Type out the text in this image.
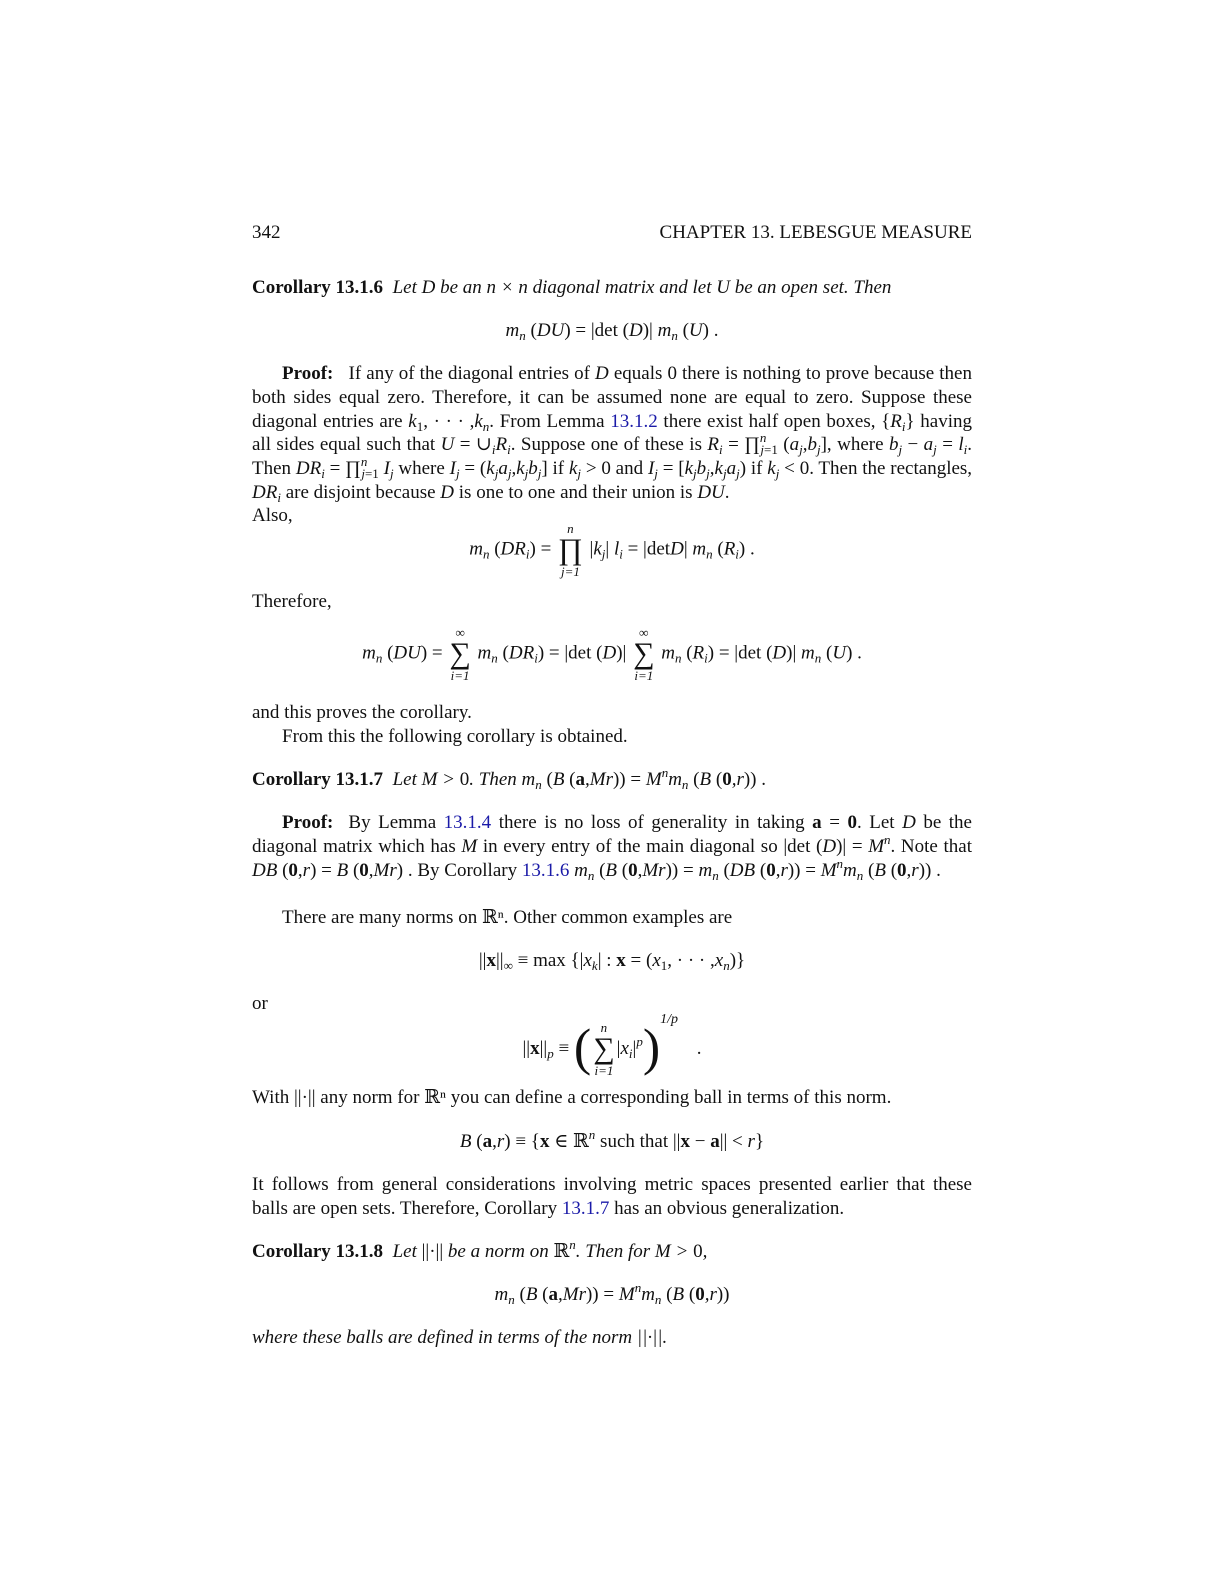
342	CHAPTER 13. LEBESGUE MEASURE
Corollary 13.1.6 Let D be an n × n diagonal matrix and let U be an open set. Then
$m_n$ (DU) = |det (D)| $m_n$ (U) .
Proof:   If any of the diagonal entries of D equals 0 there is nothing to prove because then both sides equal zero. Therefore, it can be assumed none are equal to zero. Suppose these diagonal entries are $k_1$, · · · $,k_n$. From Lemma 13.1.2 there exist half open boxes, $\{R_i\}$ having all sides equal such that $U = \cup_iR_i$. Suppose one of these is $R_i$ = ∏$^n_{j=1}$ $(a_j,b_j]$, where $b_j - a_j = l_i$. Then $DR_i$ = ∏$^n_{j=1}$ $I_j$ where $I_j = (k_ja_j,k_jb_j]$ if $k_j > 0$ and $I_j = [k_jb_j,k_ja_j)$ if $k_j < 0$. Then the rectangles, $DR_i$ are disjoint because D is one to one and their union is DU.
Also,
$m_n$ $(DR_i)$ =
n
∏
j=1
$|k_j|$ $l_i = |\det D|$ $m_n$ $(R_i)$ .
Therefore,
$m_n$ (DU) =
∞
∑
i=1
$m_n$ $(DR_i) = |\det$ (D)|
∞
∑
i=1
$m_n$ $(R_i) = |\det$ (D)| $m_n$ (U) .
and this proves the corollary.
From this the following corollary is obtained.
Corollary 13.1.7 Let M > 0. Then $m_n$ (B $(a,Mr)) = M^nm_n$ (B (0,r)) .
Proof:  By Lemma 13.1.4 there is no loss of generality in taking a = 0. Let D be the diagonal matrix which has M in every entry of the main diagonal so |det $(D)| = M^n$. Note that DB (0,r) = B (0,Mr) . By Corollary 13.1.6 $m_n$ (B $(0,Mr)) = m_n$ (DB $(0,r)) = M^nm_n$ (B (0,r)) .
There are many norms on ℝⁿ. Other common examples are
$||x||_\infty \equiv \max \{|x_k|$ : $x = (x_1$, · · · $,x_n$)}
or
$||x||_p$ ≡ ( n
∑
i=1
$|x_i|^p)^{1/p}$ .
With ||·|| any norm for ℝⁿ you can define a corresponding ball in terms of this norm.
B (a,r) ≡ {x ∈ ℝ$^n$ such that ||x − a|| < r}
It follows from general considerations involving metric spaces presented earlier that these balls are open sets. Therefore, Corollary 13.1.7 has an obvious generalization.
Corollary 13.1.8 Let ||·|| be a norm on ℝ$^n$. Then for M > 0,
$m_n$ (B $(a,Mr)) = M^nm_n$ (B (0,r))
where these balls are defined in terms of the norm ||·||.
